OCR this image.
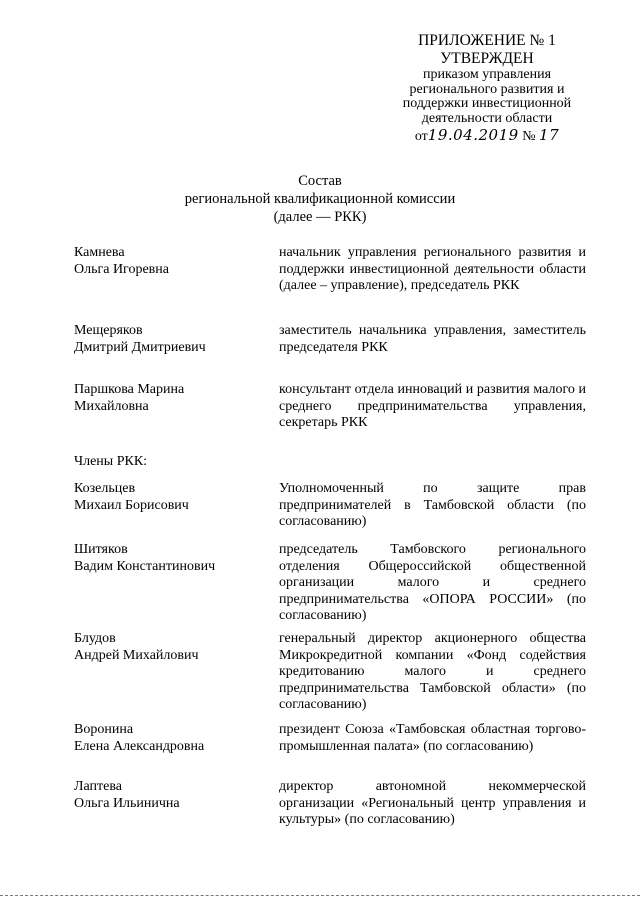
ПРИЛОЖЕНИЕ № 1
УТВЕРЖДЕН
приказом управления
регионального развития и
поддержки инвестиционной
деятельности области
от19.04.2019 № 17
Состав
региональной квалификационной комиссии
(далее — РКК)
Камнева
Ольга Игоревна
начальник управления регионального развития и поддержки инвестиционной деятельности области (далее – управление), председатель РКК
Мещеряков
Дмитрий Дмитриевич
заместитель начальника управления, заместитель председателя РКК
Паршкова Марина
Михайловна
консультант отдела инноваций и развития малого и среднего предпринимательства управления, секретарь РКК
Члены РКК:
Козельцев
Михаил Борисович
Уполномоченный по защите прав предпринимателей в Тамбовской области (по согласованию)
Шитяков
Вадим Константинович
председатель Тамбовского регионального отделения Общероссийской общественной организации малого и среднего предпринимательства «ОПОРА РОССИИ» (по согласованию)
Блудов
Андрей Михайлович
генеральный директор акционерного общества Микрокредитной компании «Фонд содействия кредитованию малого и среднего предпринимательства Тамбовской области» (по согласованию)
Воронина
Елена Александровна
президент Союза «Тамбовская областная торгово-промышленная палата» (по согласованию)
Лаптева
Ольга Ильинична
директор автономной некоммерческой организации «Региональный центр управления и культуры» (по согласованию)
